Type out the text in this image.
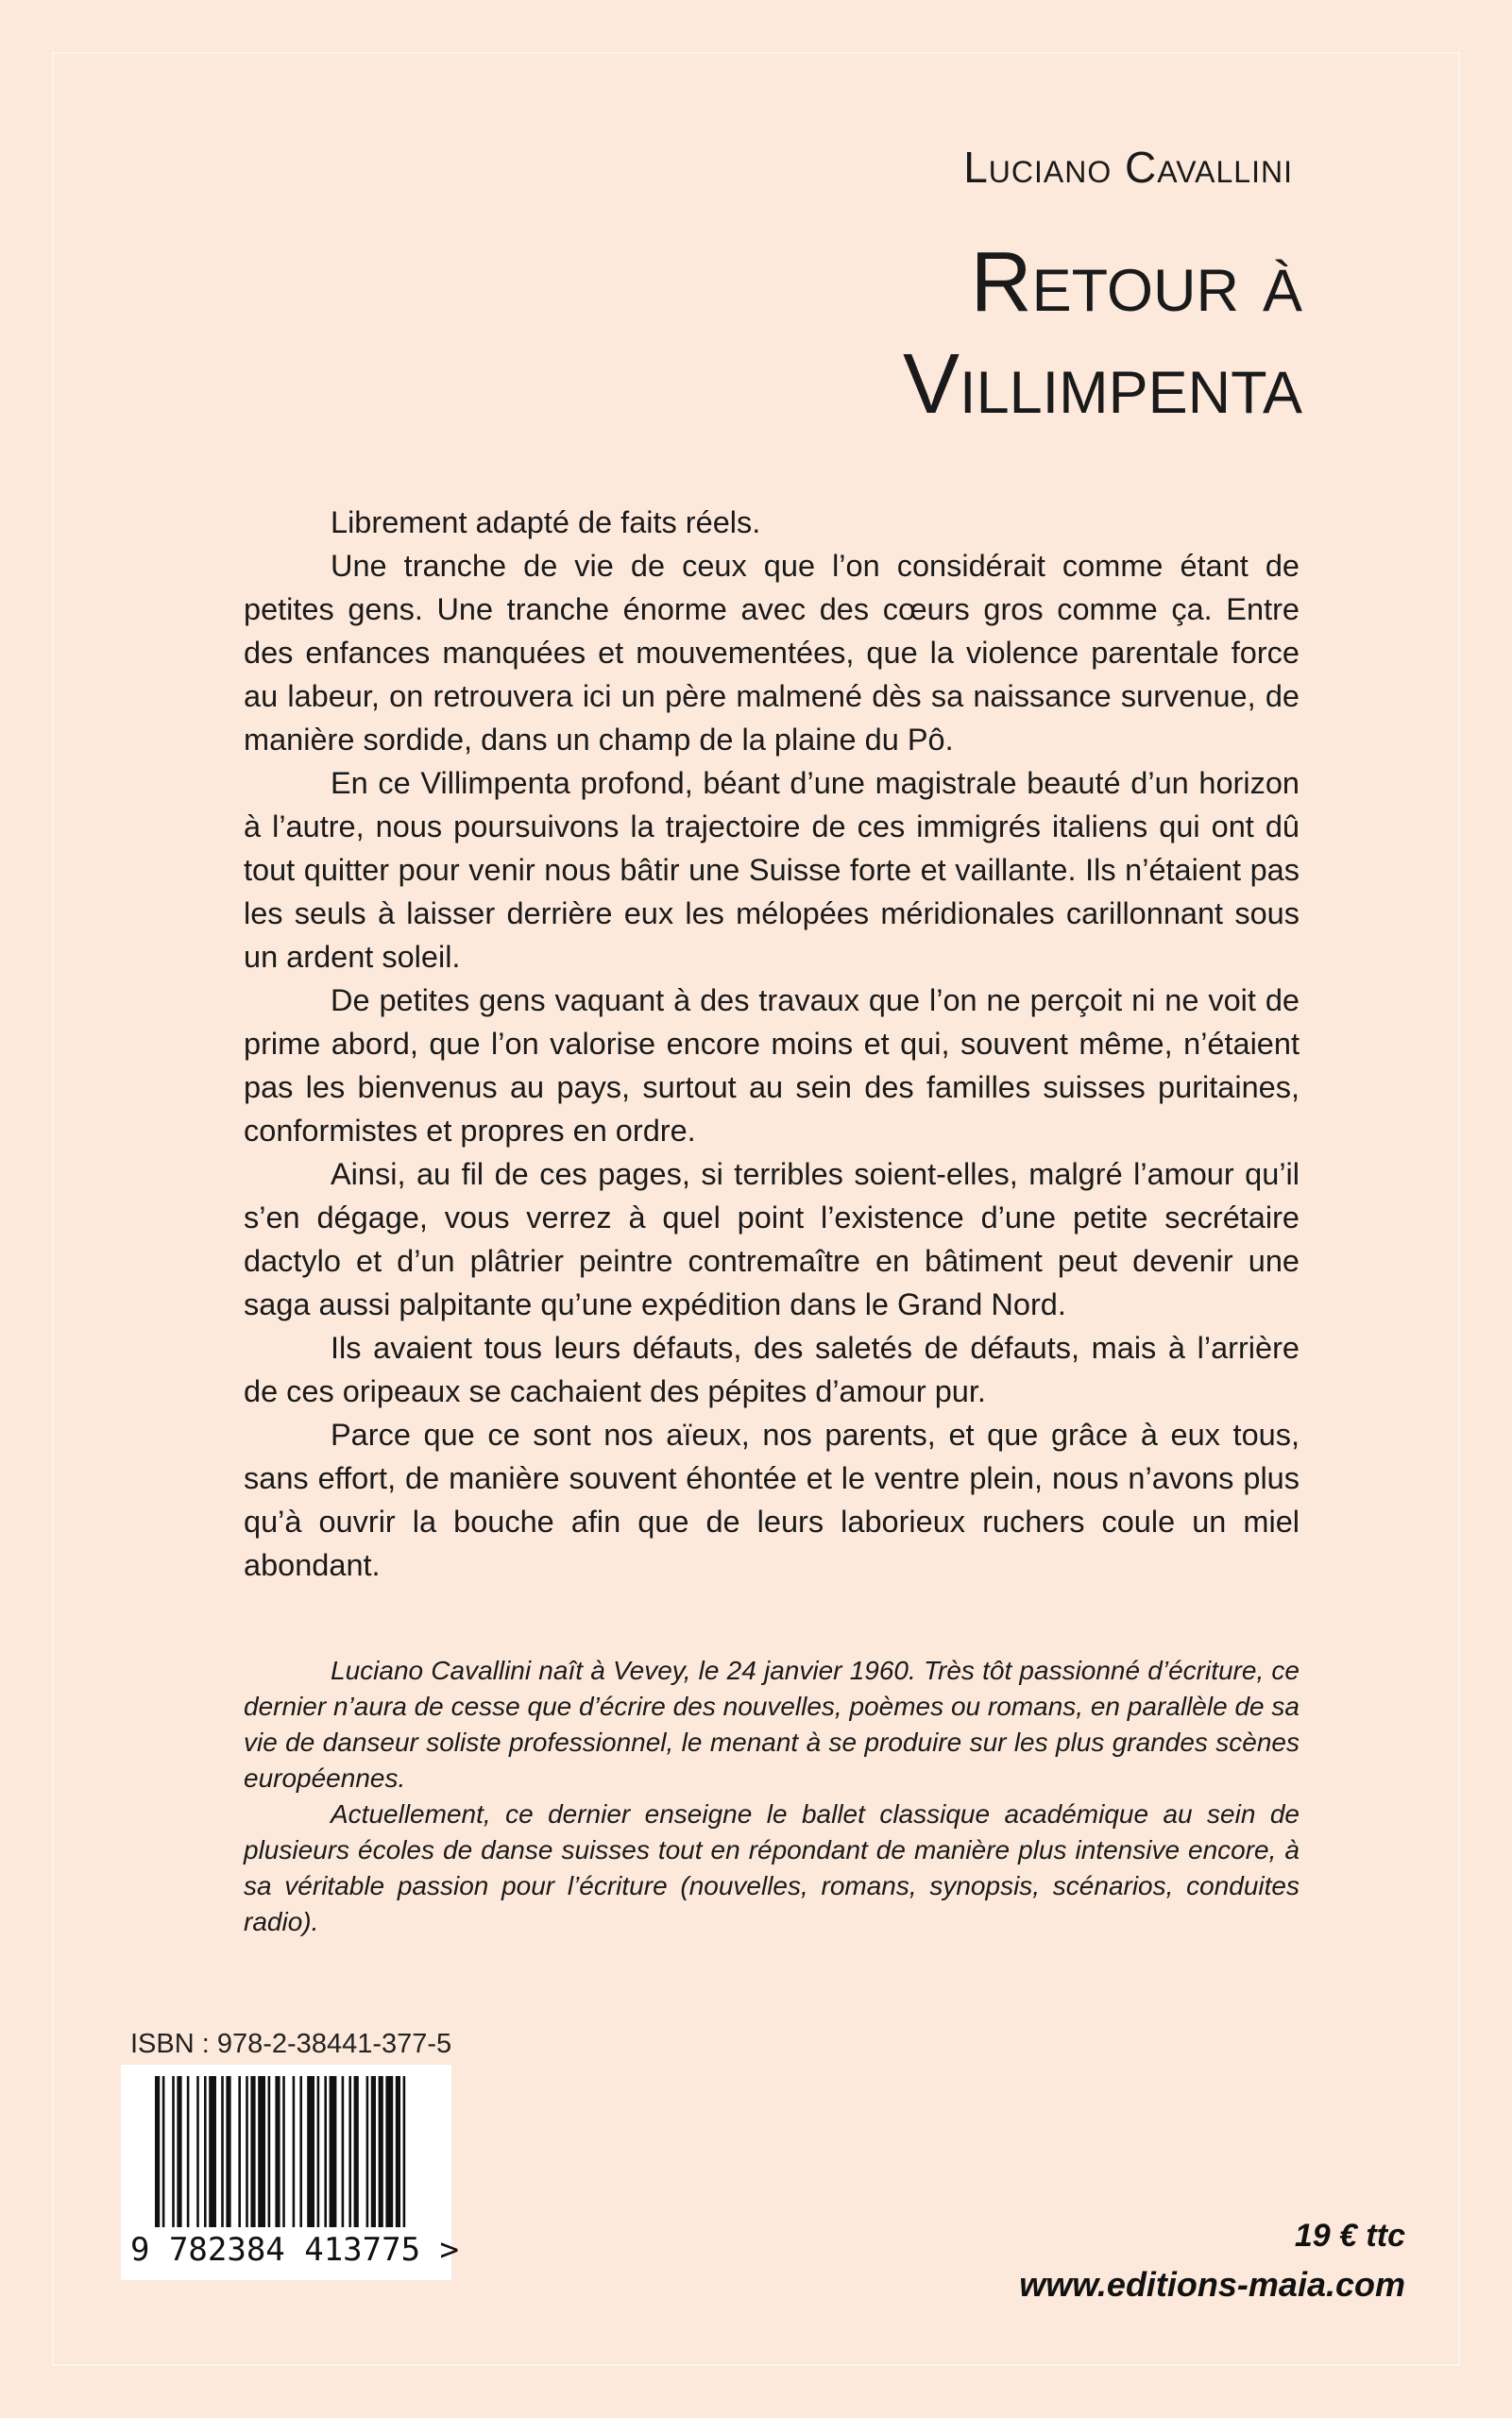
Luciano Cavallini
Retour à
Villimpenta

Librement adapté de faits réels.

Une tranche de vie de ceux que l’on considérait comme étant de petites gens. Une tranche énorme avec des cœurs gros comme ça. Entre des enfances manquées et mouvementées, que la violence parentale force au labeur, on retrouvera ici un père malmené dès sa naissance survenue, de manière sordide, dans un champ de la plaine du Pô.

En ce Villimpenta profond, béant d’une magistrale beauté d’un horizon à l’autre, nous poursuivons la trajectoire de ces immigrés italiens qui ont dû tout quitter pour venir nous bâtir une Suisse forte et vaillante. Ils n’étaient pas les seuls à laisser derrière eux les mélopées méridionales carillonnant sous un ardent soleil.

De petites gens vaquant à des travaux que l’on ne perçoit ni ne voit de prime abord, que l’on valorise encore moins et qui, souvent même, n’étaient pas les bienvenus au pays, surtout au sein des familles suisses puritaines, conformistes et propres en ordre.

Ainsi, au fil de ces pages, si terribles soient-elles, malgré l’amour qu’il s’en dégage, vous verrez à quel point l’existence d’une petite secrétaire dactylo et d’un plâtrier peintre contremaître en bâtiment peut devenir une saga aussi palpitante qu’une expédition dans le Grand Nord.

Ils avaient tous leurs défauts, des saletés de défauts, mais à l’arrière de ces oripeaux se cachaient des pépites d’amour pur.

Parce que ce sont nos aïeux, nos parents, et que grâce à eux tous, sans effort, de manière souvent éhontée et le ventre plein, nous n’avons plus qu’à ouvrir la bouche afin que de leurs laborieux ruchers coule un miel abondant.

Luciano Cavallini naît à Vevey, le 24 janvier 1960. Très tôt passionné d’écriture, ce dernier n’aura de cesse que d’écrire des nouvelles, poèmes ou romans, en parallèle de sa vie de danseur soliste professionnel, le menant à se produire sur les plus grandes scènes européennes.

Actuellement, ce dernier enseigne le ballet classique académique au sein de plusieurs écoles de danse suisses tout en répondant de manière plus intensive encore, à sa véritable passion pour l’écriture (nouvelles, romans, synopsis, scénarios, conduites radio).

ISBN : 978-2-38441-377-5
9 782384 413775 >	19 € ttc
www.editions-maia.com
